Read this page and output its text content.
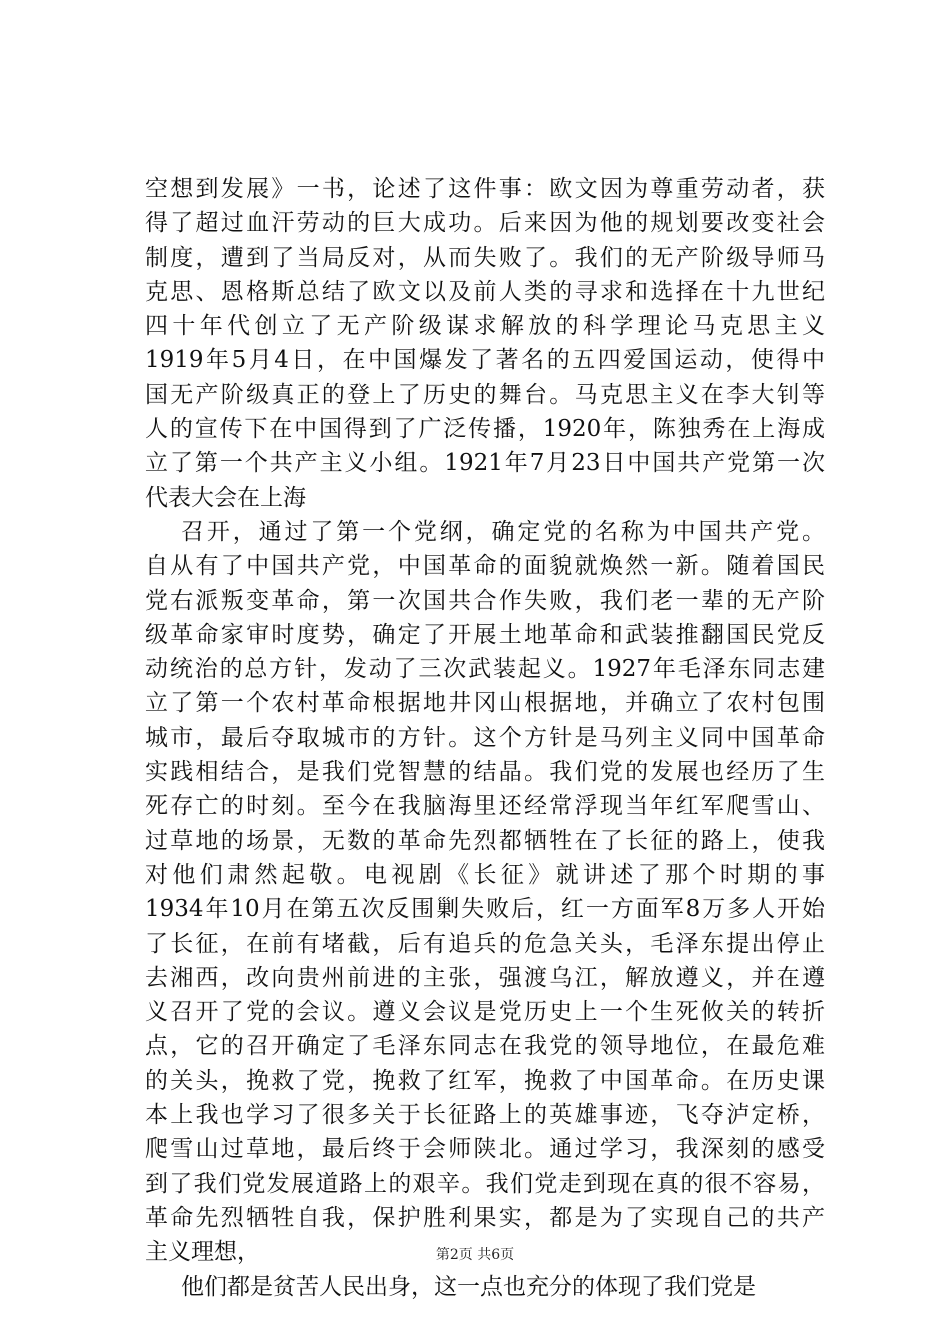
空想到发展》一书，论述了这件事：欧文因为尊重劳动者，获
得了超过血汗劳动的巨大成功。后来因为他的规划要改变社会
制度，遭到了当局反对，从而失败了。我们的无产阶级导师马
克思、恩格斯总结了欧文以及前人类的寻求和选择在十九世纪
四十年代创立了无产阶级谋求解放的科学理论马克思主义
1919年5月4日，在中国爆发了著名的五四爱国运动，使得中
国无产阶级真正的登上了历史的舞台。马克思主义在李大钊等
人的宣传下在中国得到了广泛传播，1920年，陈独秀在上海成
立了第一个共产主义小组。1921年7月23日中国共产党第一次
代表大会在上海
召开，通过了第一个党纲，确定党的名称为中国共产党。
自从有了中国共产党，中国革命的面貌就焕然一新。随着国民
党右派叛变革命，第一次国共合作失败，我们老一辈的无产阶
级革命家审时度势，确定了开展土地革命和武装推翻国民党反
动统治的总方针，发动了三次武装起义。1927年毛泽东同志建
立了第一个农村革命根据地井冈山根据地，并确立了农村包围
城市，最后夺取城市的方针。这个方针是马列主义同中国革命
实践相结合，是我们党智慧的结晶。我们党的发展也经历了生
死存亡的时刻。至今在我脑海里还经常浮现当年红军爬雪山、
过草地的场景，无数的革命先烈都牺牲在了长征的路上，使我
对他们肃然起敬。电视剧《长征》就讲述了那个时期的事
1934年10月在第五次反围剿失败后，红一方面军8万多人开始
了长征，在前有堵截，后有追兵的危急关头，毛泽东提出停止
去湘西，改向贵州前进的主张，强渡乌江，解放遵义，并在遵
义召开了党的会议。遵义会议是党历史上一个生死攸关的转折
点，它的召开确定了毛泽东同志在我党的领导地位，在最危难
的关头，挽救了党，挽救了红军，挽救了中国革命。在历史课
本上我也学习了很多关于长征路上的英雄事迹，飞夺泸定桥，
爬雪山过草地，最后终于会师陕北。通过学习，我深刻的感受
到了我们党发展道路上的艰辛。我们党走到现在真的很不容易，
革命先烈牺牲自我，保护胜利果实，都是为了实现自己的共产
主义理想，
他们都是贫苦人民出身，这一点也充分的体现了我们党是
第2页 共6页
